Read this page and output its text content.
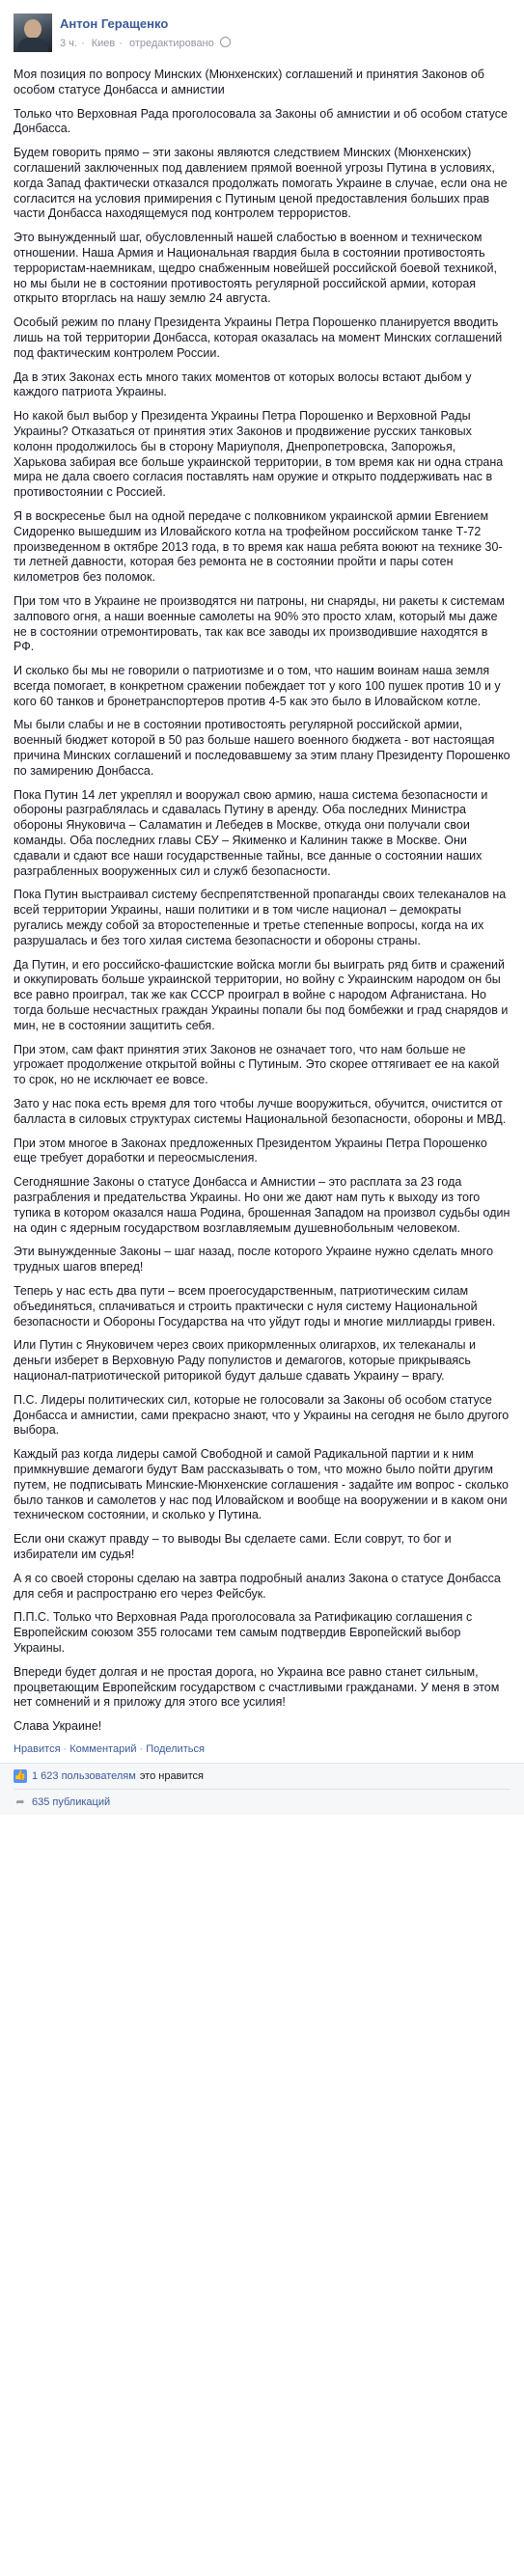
Антон Геращенко
3 ч. · Киев · отредактировано

Моя позиция по вопросу Минских (Мюнхенских) соглашений и принятия Законов об особом статусе Донбасса и амнистии

Только что Верховная Рада проголосовала за Законы об амнистии и об особом статусе Донбасса.

Будем говорить прямо – эти законы являются следствием Минских (Мюнхенских) соглашений заключенных под давлением прямой военной угрозы Путина в условиях, когда Запад фактически отказался продолжать помогать Украине в случае, если она не согласится на условия примирения с Путиным ценой предоставления больших прав части Донбасса находящемуся под контролем террористов.

Это вынужденный шаг, обусловленный нашей слабостью в военном и техническом отношении. Наша Армия и Национальная гвардия была в состоянии противостоять террористам-наемникам, щедро снабженным новейшей российской боевой техникой, но мы были не в состоянии противостоять регулярной российской армии, которая открыто вторглась на нашу землю 24 августа.

Особый режим по плану Президента Украины Петра Порошенко планируется вводить лишь на той территории Донбасса, которая оказалась на момент Минских соглашений под фактическим контролем России.

Да в этих Законах есть много таких моментов от которых волосы встают дыбом у каждого патриота Украины.

Но какой был выбор у Президента Украины Петра Порошенко и Верховной Рады Украины? Отказаться от принятия этих Законов и продвижение русских танковых колонн продолжилось бы в сторону Мариуполя, Днепропетровска, Запорожья, Харькова забирая все больше украинской территории, в том время как ни одна страна мира не дала своего согласия поставлять нам оружие и открыто поддерживать нас в противостоянии с Россией.

Я в воскресенье был на одной передаче с полковником украинской армии Евгением Сидоренко вышедшим из Иловайского котла на трофейном российском танке Т-72 произведенном в октябре 2013 года, в то время как наша ребята воюют на технике 30-ти летней давности, которая без ремонта не в состоянии пройти и пары сотен километров без поломок.

При том что в Украине не производятся ни патроны, ни снаряды, ни ракеты к системам залпового огня, а наши военные самолеты на 90% это просто хлам, который мы даже не в состоянии отремонтировать, так как все заводы их производившие находятся в РФ.

И сколько бы мы не говорили о патриотизме и о том, что нашим воинам наша земля всегда помогает, в конкретном сражении побеждает тот у кого 100 пушек против 10 и у кого 60 танков и бронетранспортеров против 4-5 как это было в Иловайском котле.

Мы были слабы и не в состоянии противостоять регулярной российской армии, военный бюджет которой в 50 раз больше нашего военного бюджета - вот настоящая причина Минских соглашений и последовавшему за этим плану Президенту Порошенко по замирению Донбасса.

Пока Путин 14 лет укреплял и вооружал свою армию, наша система безопасности и обороны разграблялась и сдавалась Путину в аренду. Оба последних Министра обороны Януковича – Саламатин и Лебедев в Москве, откуда они получали свои команды. Оба последних главы СБУ – Якименко и Калинин также в Москве. Они сдавали и сдают все наши государственные тайны, все данные о состоянии наших разграбленных вооруженных сил и служб безопасности.

Пока Путин выстраивал систему беспрепятственной пропаганды своих телеканалов на всей территории Украины, наши политики и в том числе национал – демократы ругались между собой за второстепенные и третье степенные вопросы, когда на их разрушалась и без того хилая система безопасности и обороны страны.

Да Путин, и его российско-фашистские войска могли бы выиграть ряд битв и сражений и оккупировать больше украинской территории, но войну с Украинским народом он бы все равно проиграл, так же как СССР проиграл в войне с народом Афганистана. Но тогда больше несчастных граждан Украины попали бы под бомбежки и град снарядов и мин, не в состоянии защитить себя.

При этом, сам факт принятия этих Законов не означает того, что нам больше не угрожает продолжение открытой войны с Путиным. Это скорее оттягивает ее на какой то срок, но не исключает ее вовсе.

Зато у нас пока есть время для того чтобы лучше вооружиться, обучится, очистится от балласта в силовых структурах системы Национальной безопасности, обороны и МВД.

При этом многое в Законах предложенных Президентом Украины Петра Порошенко еще требует доработки и переосмысления.

Сегодняшние Законы о статусе Донбасса и Амнистии – это расплата за 23 года разграбления и предательства Украины. Но они же дают нам путь к выходу из того тупика в котором оказался наша Родина, брошенная Западом на произвол судьбы один на один с ядерным государством возглавляемым душевнобольным человеком.

Эти вынужденные Законы – шаг назад, после которого Украине нужно сделать много трудных шагов вперед!

Теперь у нас есть два пути – всем проегосударственным, патриотическим силам объединяться, сплачиваться и строить практически с нуля систему Национальной безопасности и Обороны Государства на что уйдут годы и многие миллиарды гривен.

Или Путин с Януковичем через своих прикормленных олигархов, их телеканалы и деньги изберет в Верховную Раду популистов и демагогов, которые прикрываясь национал-патриотической риторикой будут дальше сдавать Украину – врагу.

П.С. Лидеры политических сил, которые не голосовали за Законы об особом статусе Донбасса и амнистии, сами прекрасно знают, что у Украины на сегодня не было другого выбора.

Каждый раз когда лидеры самой Свободной и самой Радикальной партии и к ним примкнувшие демагоги будут Вам рассказывать о том, что можно было пойти другим путем, не подписывать Минские-Мюнхенские соглашения - задайте им вопрос - сколько было танков и самолетов у нас под Иловайском и вообще на вооружении и в каком они техническом состоянии, и сколько у Путина.

Если они скажут правду – то выводы Вы сделаете сами. Если соврут, то бог и избиратели им судья!

А я со своей стороны сделаю на завтра подробный анализ Закона о статусе Донбасса для себя и распространю его через Фейсбук.

П.П.С. Только что Верховная Рада проголосовала за Ратификацию соглашения с Европейским союзом 355 голосами тем самым подтвердив Европейский выбор Украины.

Впереди будет долгая и не простая дорога, но Украина все равно станет сильным, процветающим Европейским государством с счастливыми гражданами. У меня в этом нет сомнений и я приложу для этого все усилия!

Слава Украине!

Нравится · Комментарий · Поделиться
👍 1 623 пользователям это нравится
➦ 635 публикаций
